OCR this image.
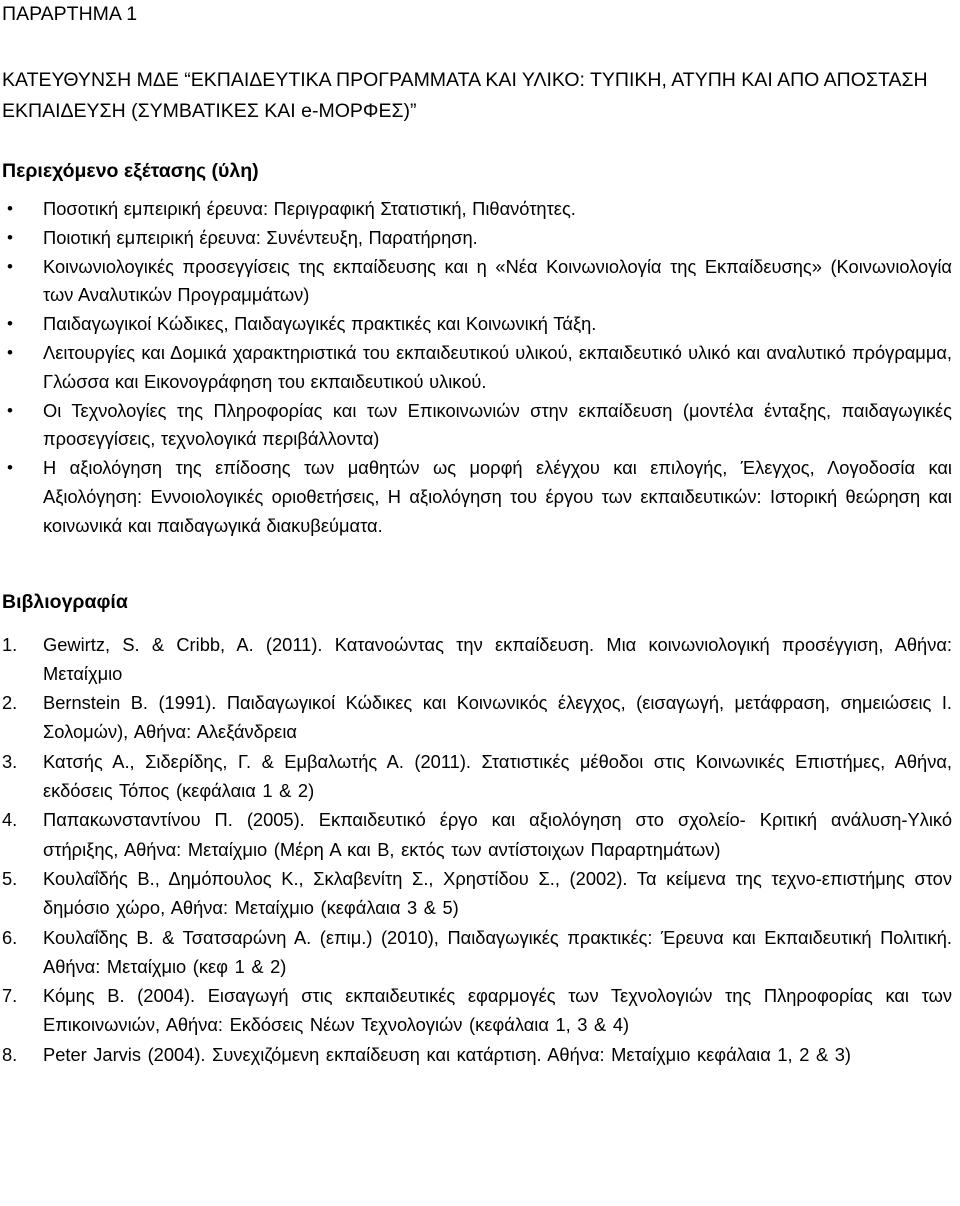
ΠΑΡΑΡΤΗΜΑ 1
ΚΑΤΕΥΘΥΝΣΗ ΜΔΕ “ΕΚΠΑΙΔΕΥΤΙΚΑ ΠΡΟΓΡΑΜΜΑΤΑ ΚΑΙ ΥΛΙΚΟ: ΤΥΠΙΚΗ, ΑΤΥΠΗ ΚΑΙ ΑΠΟ ΑΠΟΣΤΑΣΗ ΕΚΠΑΙΔΕΥΣΗ (ΣΥΜΒΑΤΙΚΕΣ ΚΑΙ e-ΜΟΡΦΕΣ)”
Περιεχόμενο εξέτασης (ύλη)
• Ποσοτική εμπειρική έρευνα: Περιγραφική Στατιστική, Πιθανότητες.
• Ποιοτική εμπειρική έρευνα: Συνέντευξη, Παρατήρηση.
• Κοινωνιολογικές προσεγγίσεις της εκπαίδευσης και η «Νέα Κοινωνιολογία της Εκπαίδευσης» (Κοινωνιολογία των Αναλυτικών Προγραμμάτων)
• Παιδαγωγικοί Κώδικες, Παιδαγωγικές πρακτικές και Κοινωνική Τάξη.
• Λειτουργίες και Δομικά χαρακτηριστικά του εκπαιδευτικού υλικού, εκπαιδευτικό υλικό και αναλυτικό πρόγραμμα, Γλώσσα και Εικονογράφηση του εκπαιδευτικού υλικού.
• Οι Τεχνολογίες της Πληροφορίας και των Επικοινωνιών στην εκπαίδευση (μοντέλα ένταξης, παιδαγωγικές προσεγγίσεις, τεχνολογικά περιβάλλοντα)
• Η αξιολόγηση της επίδοσης των μαθητών ως μορφή ελέγχου και επιλογής, Έλεγχος, Λογοδοσία και Αξιολόγηση: Εννοιολογικές οριοθετήσεις, Η αξιολόγηση του έργου των εκπαιδευτικών: Ιστορική θεώρηση και κοινωνικά και παιδαγωγικά διακυβεύματα.
Βιβλιογραφία
1. Gewirtz, S. & Cribb, A. (2011). Κατανοώντας την εκπαίδευση. Μια κοινωνιολογική προσέγγιση, Αθήνα: Μεταίχμιο
2. Bernstein B. (1991). Παιδαγωγικοί Κώδικες και Κοινωνικός έλεγχος, (εισαγωγή, μετάφραση, σημειώσεις Ι. Σολομών), Αθήνα: Αλεξάνδρεια
3. Κατσής Α., Σιδερίδης, Γ. & Εμβαλωτής Α. (2011). Στατιστικές μέθοδοι στις Κοινωνικές Επιστήμες, Αθήνα, εκδόσεις Τόπος (κεφάλαια 1 & 2)
4. Παπακωνσταντίνου Π. (2005). Εκπαιδευτικό έργο και αξιολόγηση στο σχολείο- Κριτική ανάλυση-Υλικό στήριξης, Αθήνα: Μεταίχμιο (Μέρη Α και Β, εκτός των αντίστοιχων Παραρτημάτων)
5. Κουλαΐδής Β., Δημόπουλος Κ., Σκλαβενίτη Σ., Χρηστίδου Σ., (2002). Τα κείμενα της τεχνο-επιστήμης στον δημόσιο χώρο, Αθήνα: Μεταίχμιο (κεφάλαια 3 & 5)
6. Κουλαΐδης Β. & Τσατσαρώνη Α. (επιμ.) (2010), Παιδαγωγικές πρακτικές: Έρευνα και Εκπαιδευτική Πολιτική. Αθήνα: Μεταίχμιο (κεφ 1 & 2)
7. Κόμης Β. (2004). Εισαγωγή στις εκπαιδευτικές εφαρμογές των Τεχνολογιών της Πληροφορίας και των Επικοινωνιών, Αθήνα: Εκδόσεις Νέων Τεχνολογιών (κεφάλαια 1, 3 & 4)
8. Peter Jarvis (2004). Συνεχιζόμενη εκπαίδευση και κατάρτιση. Αθήνα: Μεταίχμιο κεφάλαια 1, 2 & 3)
